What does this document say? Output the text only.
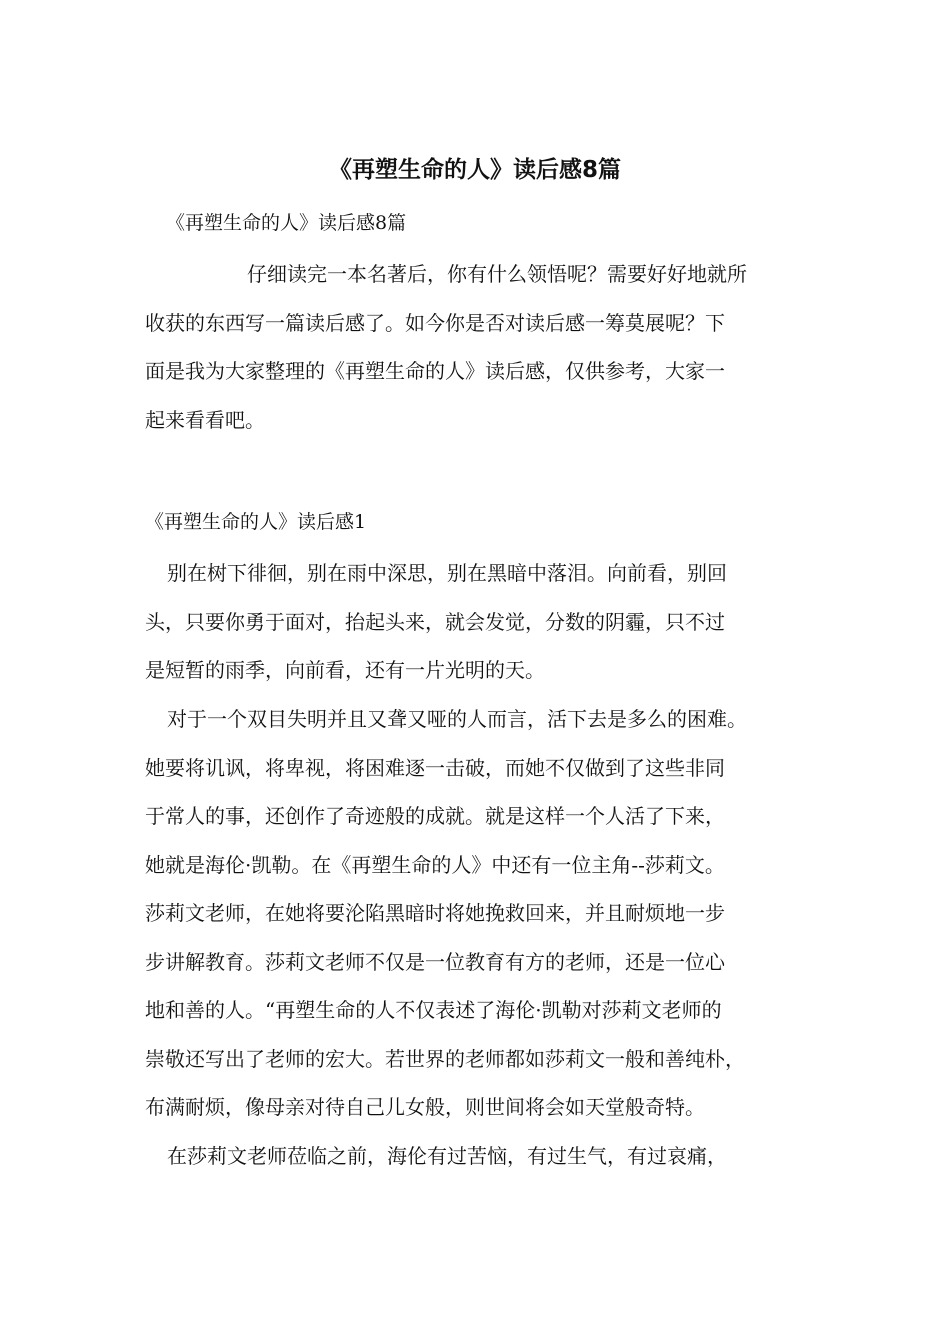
《再塑生命的人》读后感8篇

《再塑生命的人》读后感8篇

仔细读完一本名著后，你有什么领悟呢？需要好好地就所
收获的东西写一篇读后感了。如今你是否对读后感一筹莫展呢？下
面是我为大家整理的《再塑生命的人》读后感，仅供参考，大家一
起来看看吧。

《再塑生命的人》读后感1

别在树下徘徊，别在雨中深思，别在黑暗中落泪。向前看，别回
头，只要你勇于面对，抬起头来，就会发觉，分数的阴霾，只不过
是短暂的雨季，向前看，还有一片光明的天。
对于一个双目失明并且又聋又哑的人而言，活下去是多么的困难。
她要将讥讽，将卑视，将困难逐一击破，而她不仅做到了这些非同
于常人的事，还创作了奇迹般的成就。就是这样一个人活了下来，
她就是海伦·凯勒。在《再塑生命的人》中还有一位主角--莎莉文。
莎莉文老师，在她将要沦陷黑暗时将她挽救回来，并且耐烦地一步
步讲解教育。莎莉文老师不仅是一位教育有方的老师，还是一位心
地和善的人。“再塑生命的人不仅表述了海伦·凯勒对莎莉文老师的
崇敬还写出了老师的宏大。若世界的老师都如莎莉文一般和善纯朴，
布满耐烦，像母亲对待自己儿女般，则世间将会如天堂般奇特。
在莎莉文老师莅临之前，海伦有过苦恼，有过生气，有过哀痛，
